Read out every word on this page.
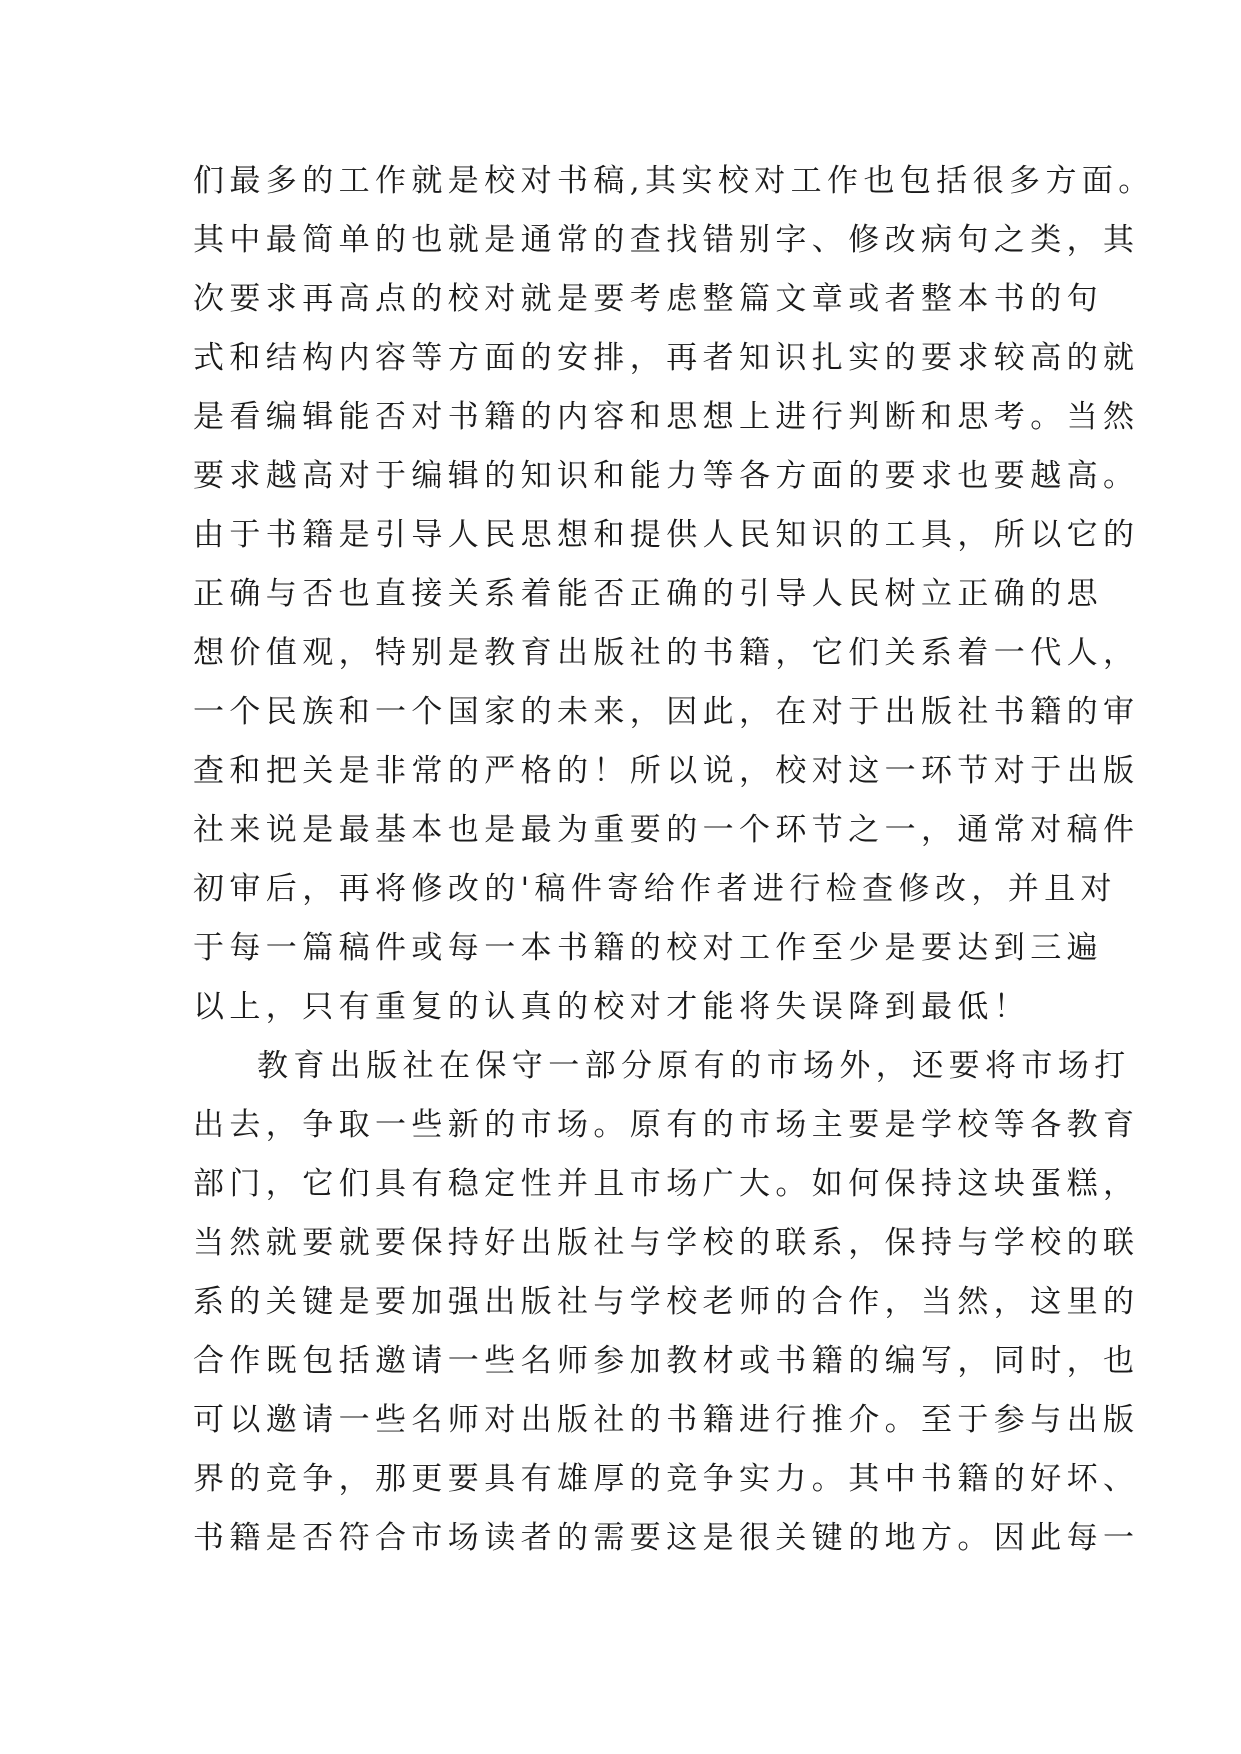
们最多的工作就是校对书稿,其实校对工作也包括很多方面。
其中最简单的也就是通常的查找错别字、修改病句之类，其
次要求再高点的校对就是要考虑整篇文章或者整本书的句
式和结构内容等方面的安排，再者知识扎实的要求较高的就
是看编辑能否对书籍的内容和思想上进行判断和思考。当然
要求越高对于编辑的知识和能力等各方面的要求也要越高。
由于书籍是引导人民思想和提供人民知识的工具，所以它的
正确与否也直接关系着能否正确的引导人民树立正确的思
想价值观，特别是教育出版社的书籍，它们关系着一代人，
一个民族和一个国家的未来，因此，在对于出版社书籍的审
查和把关是非常的严格的！所以说，校对这一环节对于出版
社来说是最基本也是最为重要的一个环节之一，通常对稿件
初审后，再将修改的'稿件寄给作者进行检查修改，并且对
于每一篇稿件或每一本书籍的校对工作至少是要达到三遍
以上，只有重复的认真的校对才能将失误降到最低！
教育出版社在保守一部分原有的市场外，还要将市场打
出去，争取一些新的市场。原有的市场主要是学校等各教育
部门，它们具有稳定性并且市场广大。如何保持这块蛋糕，
当然就要就要保持好出版社与学校的联系，保持与学校的联
系的关键是要加强出版社与学校老师的合作，当然，这里的
合作既包括邀请一些名师参加教材或书籍的编写，同时，也
可以邀请一些名师对出版社的书籍进行推介。至于参与出版
界的竞争，那更要具有雄厚的竞争实力。其中书籍的好坏、
书籍是否符合市场读者的需要这是很关键的地方。因此每一
